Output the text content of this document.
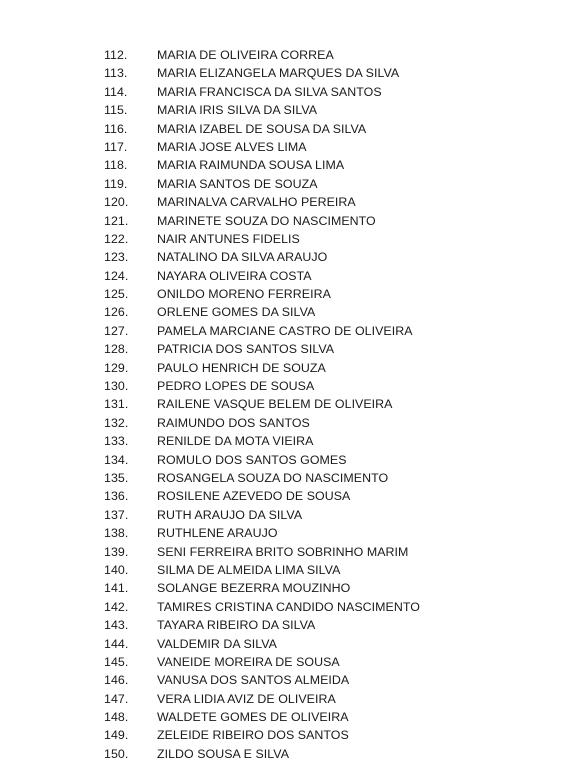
112.	MARIA DE OLIVEIRA CORREA
113.	MARIA ELIZANGELA MARQUES DA SILVA
114.	MARIA FRANCISCA DA SILVA SANTOS
115.	MARIA IRIS SILVA DA SILVA
116.	MARIA IZABEL DE SOUSA DA SILVA
117.	MARIA JOSE ALVES LIMA
118.	MARIA RAIMUNDA SOUSA LIMA
119.	MARIA SANTOS DE SOUZA
120.	MARINALVA CARVALHO PEREIRA
121.	MARINETE SOUZA DO NASCIMENTO
122.	NAIR ANTUNES FIDELIS
123.	NATALINO DA SILVA ARAUJO
124.	NAYARA OLIVEIRA COSTA
125.	ONILDO MORENO FERREIRA
126.	ORLENE GOMES DA SILVA
127.	PAMELA MARCIANE CASTRO DE OLIVEIRA
128.	PATRICIA DOS SANTOS SILVA
129.	PAULO HENRICH DE SOUZA
130.	PEDRO LOPES DE SOUSA
131.	RAILENE VASQUE BELEM DE OLIVEIRA
132.	RAIMUNDO DOS SANTOS
133.	RENILDE DA MOTA VIEIRA
134.	ROMULO DOS SANTOS GOMES
135.	ROSANGELA SOUZA DO NASCIMENTO
136.	ROSILENE AZEVEDO DE SOUSA
137.	RUTH ARAUJO DA SILVA
138.	RUTHLENE ARAUJO
139.	SENI FERREIRA BRITO SOBRINHO MARIM
140.	SILMA DE ALMEIDA LIMA SILVA
141.	SOLANGE BEZERRA MOUZINHO
142.	TAMIRES CRISTINA CANDIDO NASCIMENTO
143.	TAYARA RIBEIRO DA SILVA
144.	VALDEMIR DA SILVA
145.	VANEIDE MOREIRA DE SOUSA
146.	VANUSA DOS SANTOS ALMEIDA
147.	VERA LIDIA AVIZ DE OLIVEIRA
148.	WALDETE GOMES DE OLIVEIRA
149.	ZELEIDE RIBEIRO DOS SANTOS
150.	ZILDO SOUSA E SILVA
